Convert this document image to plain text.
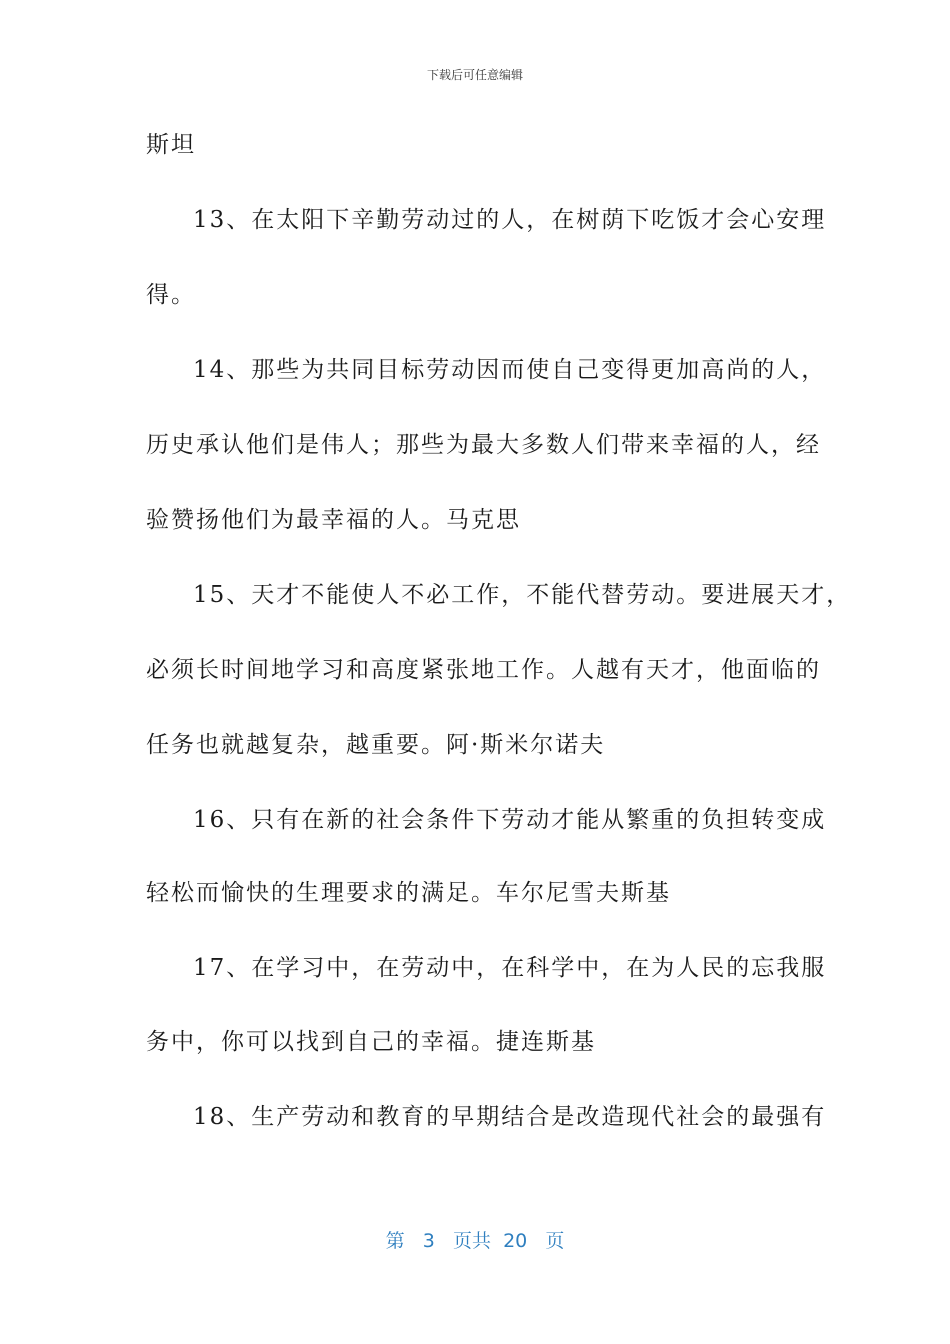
下载后可任意编辑
斯坦
13、在太阳下辛勤劳动过的人，在树荫下吃饭才会心安理
得。
14、那些为共同目标劳动因而使自己变得更加高尚的人，
历史承认他们是伟人；那些为最大多数人们带来幸福的人，经
验赞扬他们为最幸福的人。马克思
15、天才不能使人不必工作，不能代替劳动。要进展天才，
必须长时间地学习和高度紧张地工作。人越有天才，他面临的
任务也就越复杂，越重要。阿·斯米尔诺夫
16、只有在新的社会条件下劳动才能从繁重的负担转变成
轻松而愉快的生理要求的满足。车尔尼雪夫斯基
17、在学习中，在劳动中，在科学中，在为人民的忘我服
务中，你可以找到自己的幸福。捷连斯基
18、生产劳动和教育的早期结合是改造现代社会的最强有
第 3 页共 20 页
